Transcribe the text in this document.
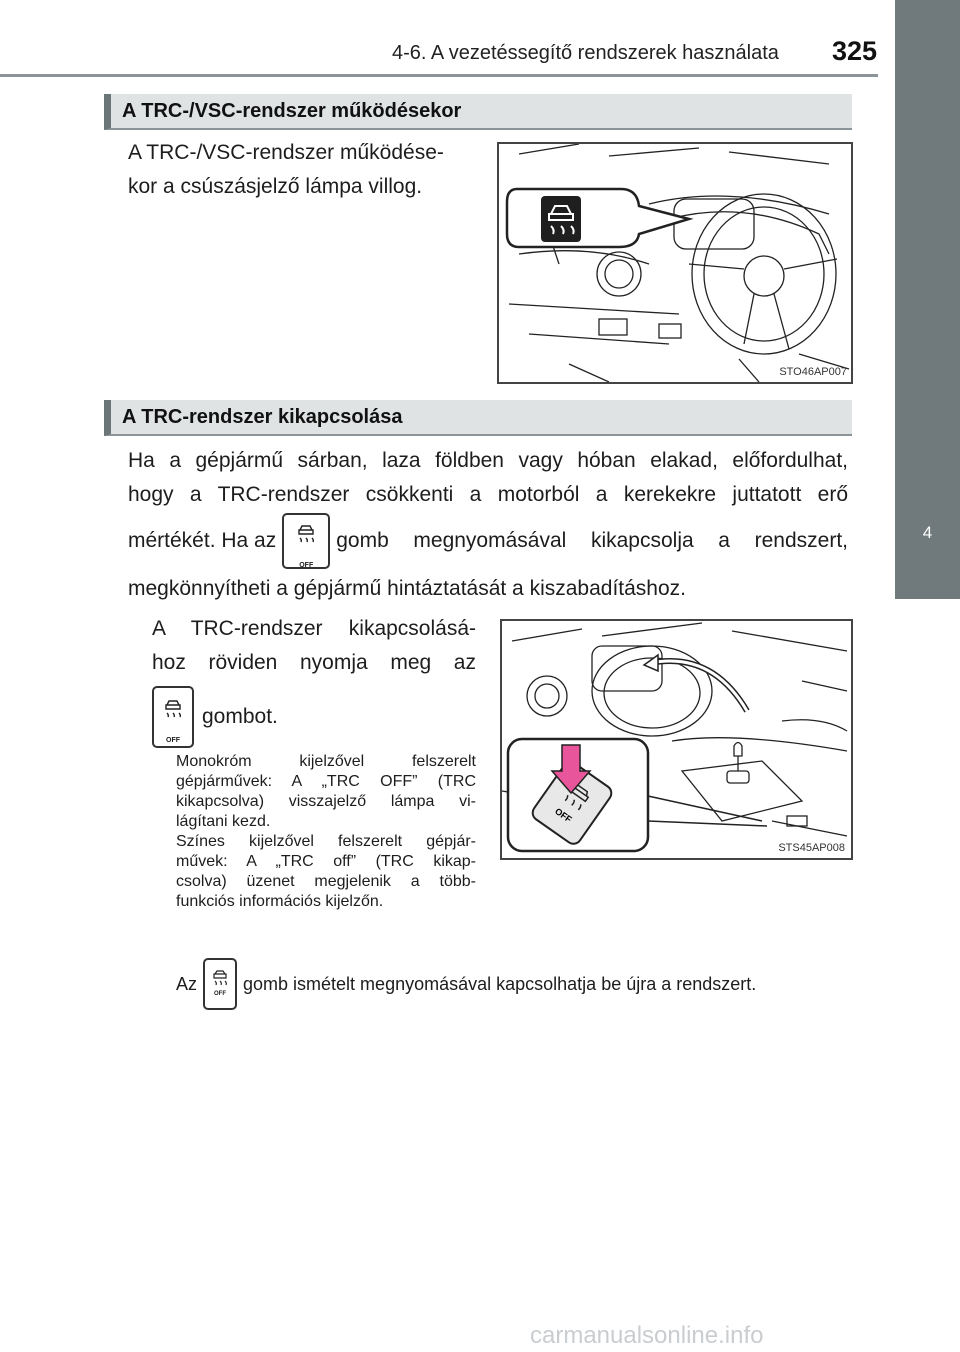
4-6. A vezetéssegítő rendszerek használata 325
4
Vezetés
A TRC-/VSC-rendszer működésekor
A TRC-/VSC-rendszer működése-
kor a csúszásjelző lámpa villog.
STO46AP007
A TRC-rendszer kikapcsolása
Ha a gépjármű sárban, laza földben vagy hóban elakad, előfordulhat,
hogy a TRC-rendszer csökkenti a motorból a kerekekre juttatott erő
mértékét. Ha az
OFF
gomb megnyomásával kikapcsolja a rendszert,
megkönnyítheti a gépjármű hintáztatását a kiszabadításhoz.
A TRC-rendszer kikapcsolásá-
hoz röviden nyomja meg az
OFF
gombot.
Monokróm kijelzővel felszerelt
gépjárművek: A „TRC OFF” (TRC
kikapcsolva) visszajelző lámpa vi-
lágítani kezd.
Színes kijelzővel felszerelt gépjár-
művek: A „TRC off” (TRC kikap-
csolva) üzenet megjelenik a több-
funkciós információs kijelzőn.
OFF
STS45AP008
Az
OFF
gomb ismételt megnyomásával kapcsolhatja be újra a rendszert.
carmanualsonline.info
